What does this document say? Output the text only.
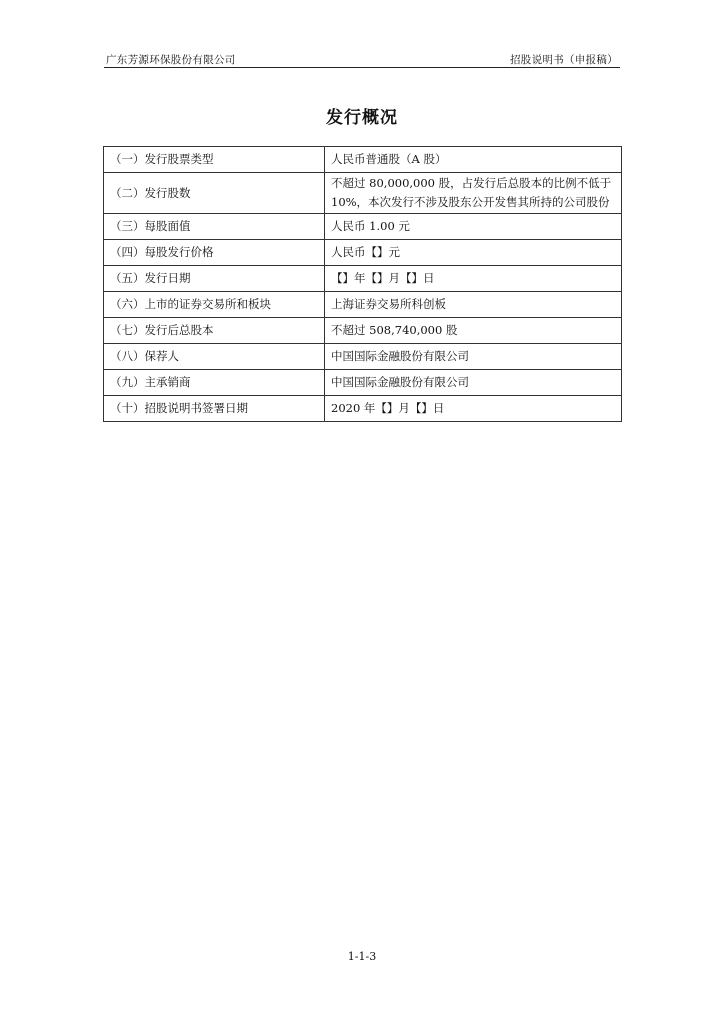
广东芳源环保股份有限公司	招股说明书（申报稿）
发行概况
（一）发行股票类型	人民币普通股（A 股）
（二）发行股数	不超过 80,000,000 股，占发行后总股本的比例不低于 10%，本次发行不涉及股东公开发售其所持的公司股份
（三）每股面值	人民币 1.00 元
（四）每股发行价格	人民币【】元
（五）发行日期	【】年【】月【】日
（六）上市的证券交易所和板块	上海证券交易所科创板
（七）发行后总股本	不超过 508,740,000 股
（八）保荐人	中国国际金融股份有限公司
（九）主承销商	中国国际金融股份有限公司
（十）招股说明书签署日期	2020 年【】月【】日
1-1-3
